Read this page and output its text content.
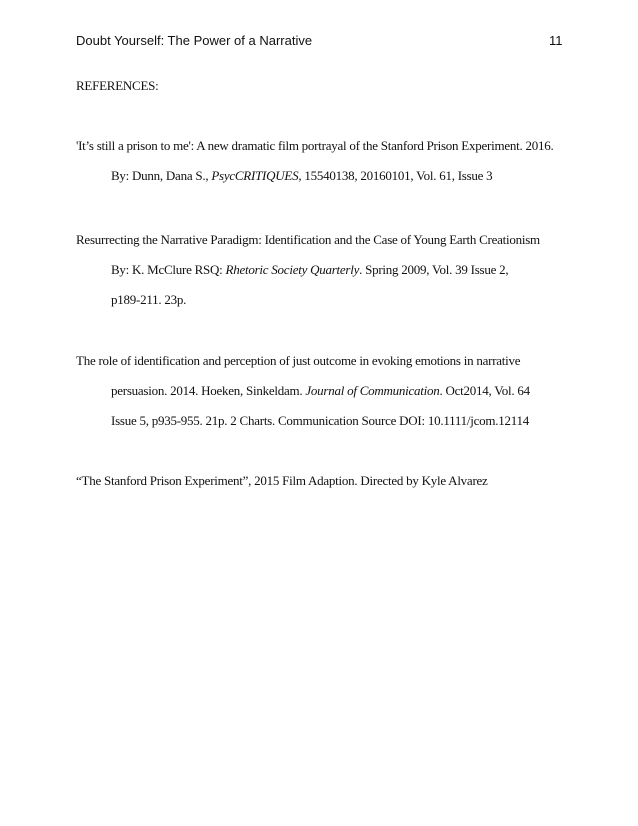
Doubt Yourself: The Power of a Narrative	11
REFERENCES:
'It’s still a prison to me': A new dramatic film portrayal of the Stanford Prison Experiment. 2016.
By: Dunn, Dana S., PsycCRITIQUES, 15540138, 20160101, Vol. 61, Issue 3
Resurrecting the Narrative Paradigm: Identification and the Case of Young Earth Creationism
By: K. McClure RSQ: Rhetoric Society Quarterly. Spring 2009, Vol. 39 Issue 2,
p189-211. 23p.
The role of identification and perception of just outcome in evoking emotions in narrative
persuasion. 2014. Hoeken, Sinkeldam. Journal of Communication. Oct2014, Vol. 64
Issue 5, p935-955. 21p. 2 Charts. Communication Source DOI: 10.1111/jcom.12114
“The Stanford Prison Experiment”, 2015 Film Adaption. Directed by Kyle Alvarez
